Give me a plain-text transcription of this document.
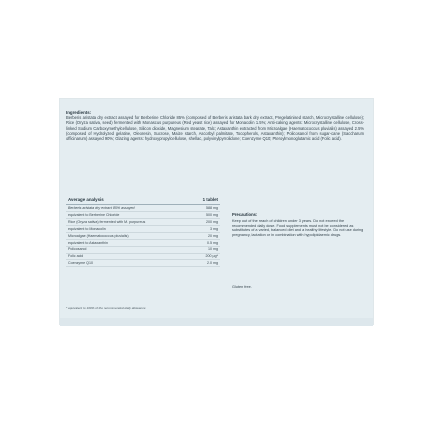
Ingredients:

Berberis aristata dry extract assayed for Berberine Chloride 85% (composed of Berberis aristata bark dry extract, Pregelatinised starch, Microcrystalline cellulose); Rice (Oryza sativa, seed) fermented with Monascus purpureus (Red yeast rice) assayed for Monacolin 1.5%; Anti-caking agents: Microcrystalline cellulose, Cross-linked Sodium Carboxymethylcellulose, Silicon dioxide, Magnesium stearate, Talc; Astaxanthin extracted from Microalgae (Haematococcus pluvialis) assayed 2.5% (composed of Hydrolyzed gelatine, Oleoresin, Sucrose, Maize starch, Ascorbyl palmitate, Tocopherols, Astaxanthin); Policosanol from sugar-cane (Saccharum officinarum) assayed 90%; Glazing agents: hydroxypropylcellulose, shellac, polyvinylpyrrolidone; Coenzyme Q10; Pteroylmonoglutamic acid (Folic acid).

Average analysis	1 tablet
Berberis aristata dry extract 85% assayed	588 mg
equivalent to Berberine Chloride	500 mg
Rice (Oryza sativa) fermented with M. purpureus	200 mg
equivalent to Monacolin	3 mg
Microalgae (Haematococcus pluvialis)	20 mg
equivalent to Astaxanthin	0.5 mg
Policosanol	10 mg
Folic acid	200 µg*
Coenzyme Q10	2.0 mg

* equivalent to 100% of the recommended daily allowance

Precautions:

Keep out of the reach of children under 3 years. Do not exceed the recommended daily dose. Food supplements must not be considered as substitutes of a varied, balanced diet and a healthy lifestyle. Do not use during pregnancy, lactation or in combination with hypolipidaemic drugs.

Gluten free.
